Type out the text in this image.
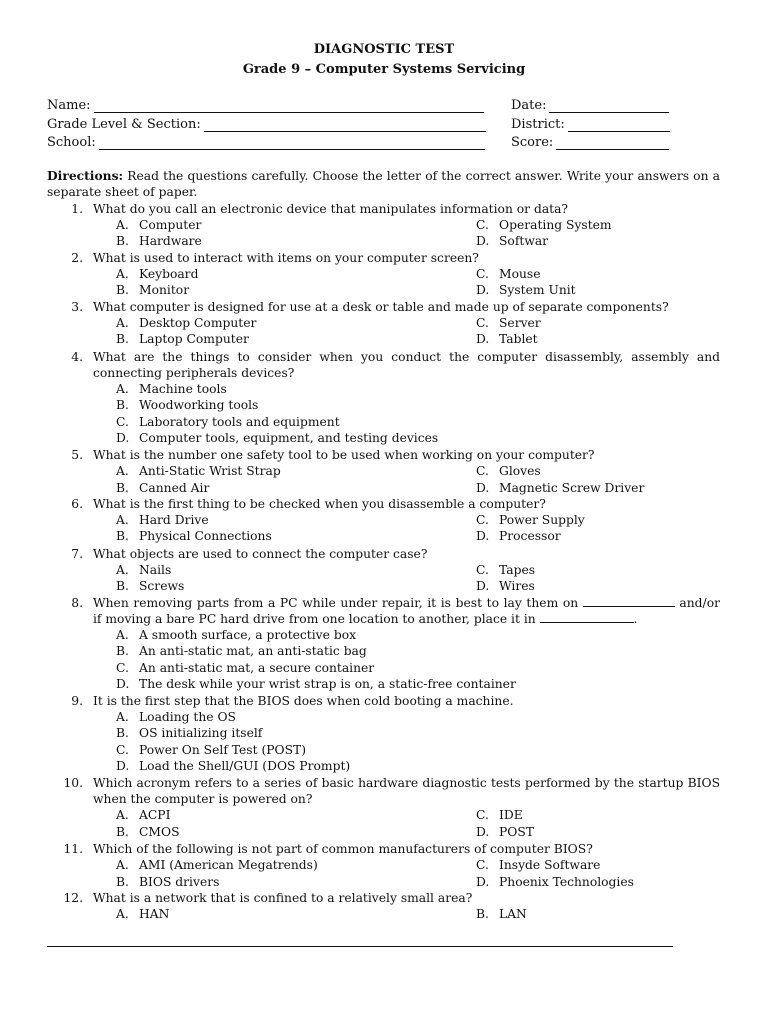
DIAGNOSTIC TEST
Grade 9 – Computer Systems Servicing
Name:	Date:
Grade Level & Section:	District:
School:	Score:
Directions: Read the questions carefully. Choose the letter of the correct answer. Write your answers on a separate sheet of paper.
1. What do you call an electronic device that manipulates information or data?
A. Computer
B. Hardware
C. Operating System
D. Softwar
2. What is used to interact with items on your computer screen?
A. Keyboard
B. Monitor
C. Mouse
D. System Unit
3. What computer is designed for use at a desk or table and made up of separate components?
A. Desktop Computer
B. Laptop Computer
C. Server
D. Tablet
4. What are the things to consider when you conduct the computer disassembly, assembly and connecting peripherals devices?
A. Machine tools
B. Woodworking tools
C. Laboratory tools and equipment
D. Computer tools, equipment, and testing devices
5. What is the number one safety tool to be used when working on your computer?
A. Anti-Static Wrist Strap
B. Canned Air
C. Gloves
D. Magnetic Screw Driver
6. What is the first thing to be checked when you disassemble a computer?
A. Hard Drive
B. Physical Connections
C. Power Supply
D. Processor
7. What objects are used to connect the computer case?
A. Nails
B. Screws
C. Tapes
D. Wires
8. When removing parts from a PC while under repair, it is best to lay them on	and/or if moving a bare PC hard drive from one location to another, place it in	.
A. A smooth surface, a protective box
B. An anti-static mat, an anti-static bag
C. An anti-static mat, a secure container
D. The desk while your wrist strap is on, a static-free container
9. It is the first step that the BIOS does when cold booting a machine.
A. Loading the OS
B. OS initializing itself
C. Power On Self Test (POST)
D. Load the Shell/GUI (DOS Prompt)
10. Which acronym refers to a series of basic hardware diagnostic tests performed by the startup BIOS when the computer is powered on?
A. ACPI
B. CMOS
C. IDE
D. POST
11. Which of the following is not part of common manufacturers of computer BIOS?
A. AMI (American Megatrends)
B. BIOS drivers
C. Insyde Software
D. Phoenix Technologies
12. What is a network that is confined to a relatively small area?
A. HAN	B. LAN
